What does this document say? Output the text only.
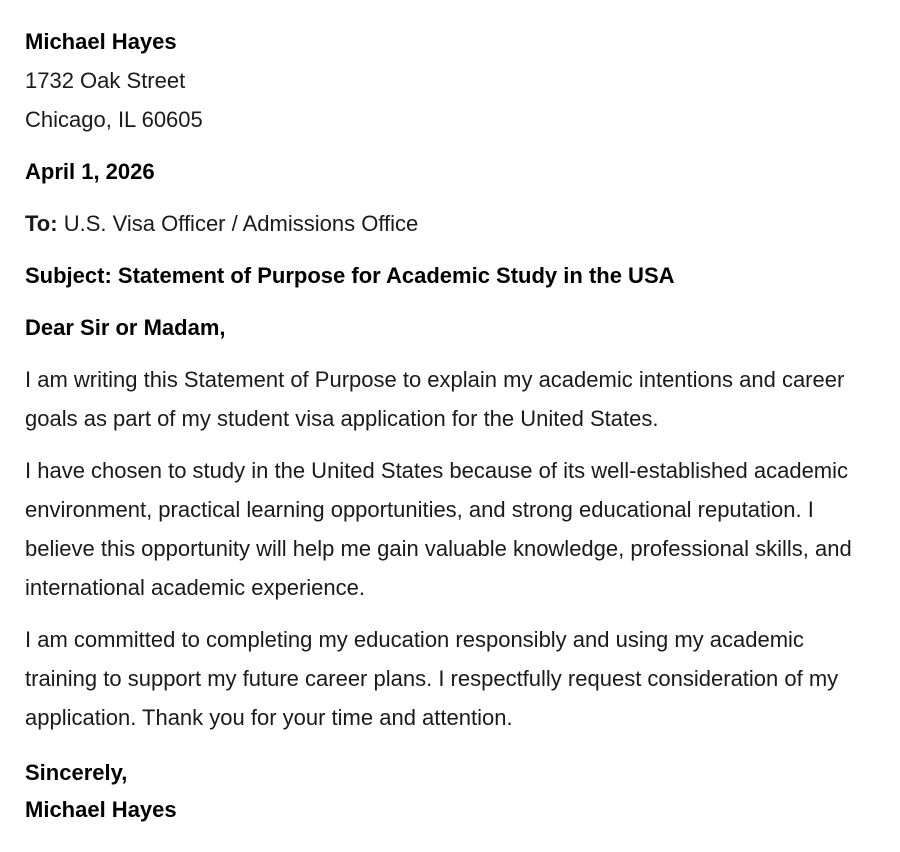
Michael Hayes
1732 Oak Street
Chicago, IL 60605
April 1, 2026
To: U.S. Visa Officer / Admissions Office
Subject: Statement of Purpose for Academic Study in the USA
Dear Sir or Madam,
I am writing this Statement of Purpose to explain my academic intentions and career goals as part of my student visa application for the United States.
I have chosen to study in the United States because of its well-established academic environment, practical learning opportunities, and strong educational reputation. I believe this opportunity will help me gain valuable knowledge, professional skills, and international academic experience.
I am committed to completing my education responsibly and using my academic training to support my future career plans. I respectfully request consideration of my application. Thank you for your time and attention.
Sincerely,
Michael Hayes
